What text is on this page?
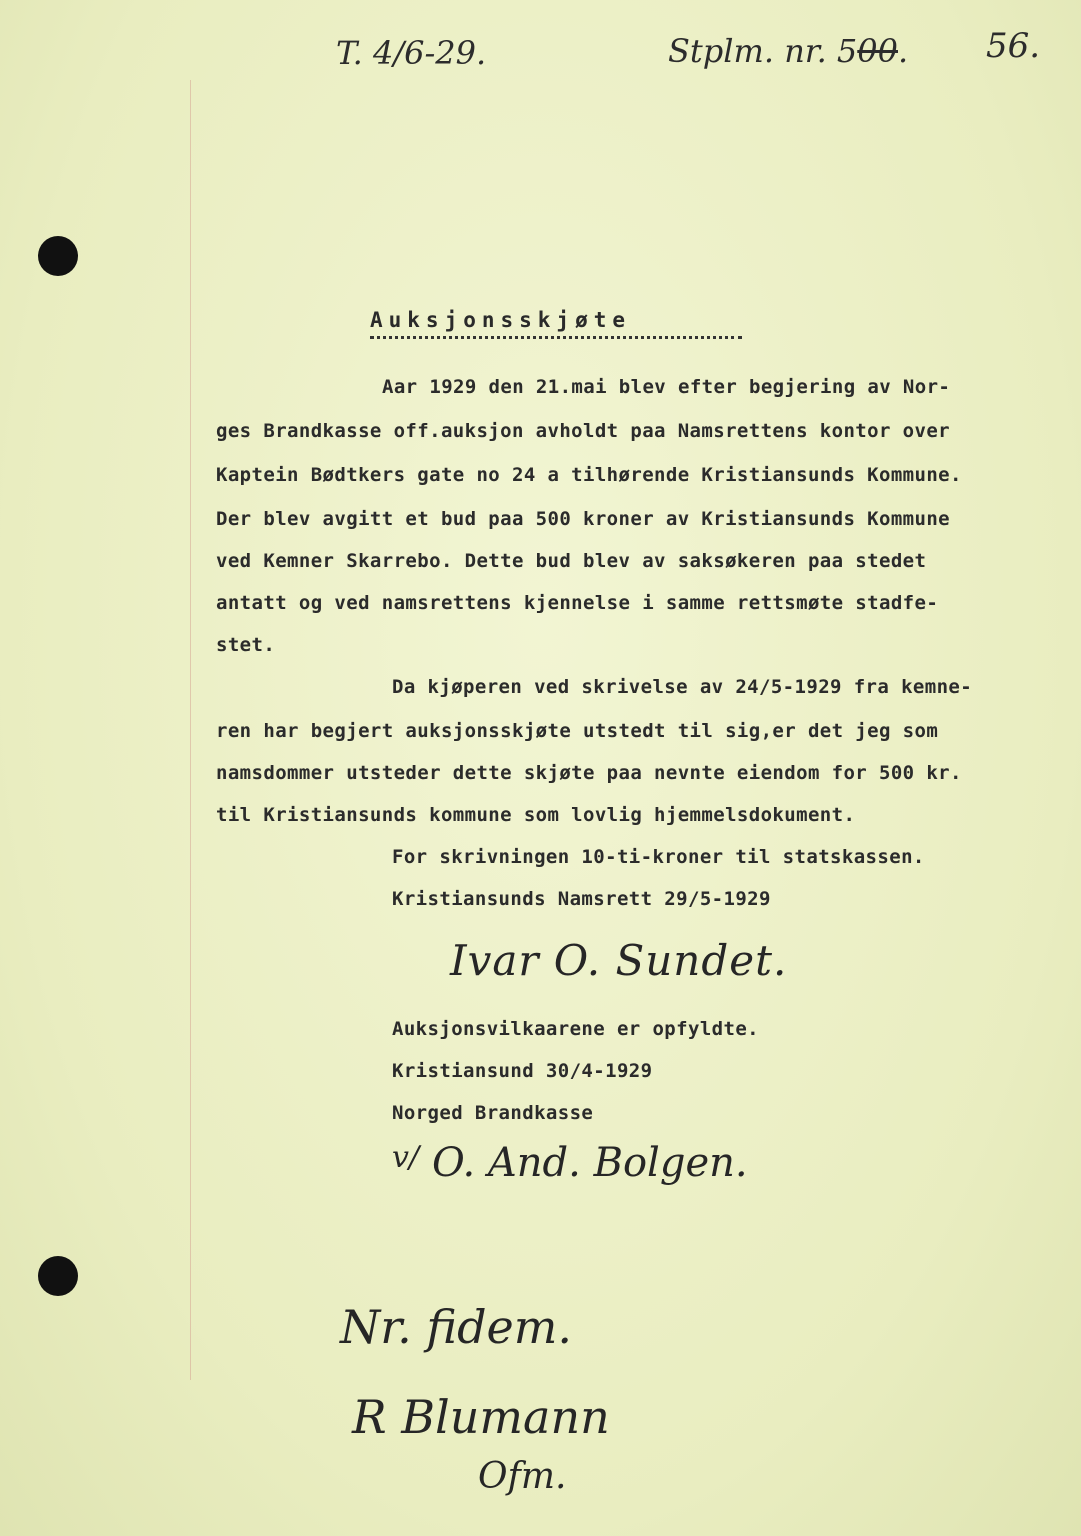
T. 4/6-29.	Stplm. nr. 500. 56.
Auksjonsskjøte
Aar 1929 den 21.mai blev efter begjering av Nor-
ges Brandkasse off.auksjon avholdt paa Namsrettens kontor over
Kaptein Bødtkers gate no 24 a tilhørende Kristiansunds Kommune.
Der blev avgitt et bud paa 500 kroner av Kristiansunds Kommune
ved Kemner Skarrebo. Dette bud blev av saksøkeren paa stedet
antatt og ved namsrettens kjennelse i samme rettsmøte stadfe-
stet.
Da kjøperen ved skrivelse av 24/5-1929 fra kemne-
ren har begjert auksjonsskjøte utstedt til sig,er det jeg som
namsdommer utsteder dette skjøte paa nevnte eiendom for 500 kr.
til Kristiansunds kommune som lovlig hjemmelsdokument.
For skrivningen 10-ti-kroner til statskassen.
Kristiansunds Namsrett 29/5-1929
Ivar O. Sundet.
Auksjonsvilkaarene er opfyldte.
Kristiansund 30/4-1929
Norged Brandkasse
v/ O. And. Bolgen.
Nr. fidem.
R Blumann
Ofm.
